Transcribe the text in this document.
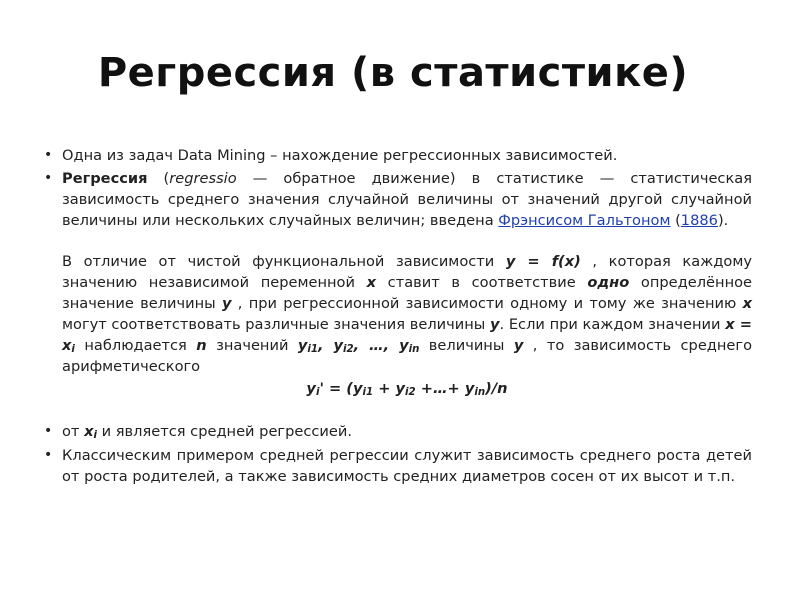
Регрессия (в статистике)
• Одна из задач Data Mining – нахождение регрессионных зависимостей.
• Регрессия (regressio — обратное движение) в статистике — статистическая зависимость среднего значения случайной величины от значений другой случайной величины или нескольких случайных величин; введена Фрэнсисом Гальтоном (1886).
В отличие от чистой функциональной зависимости y = f(x) , которая каждому значению независимой переменной x ставит в соответствие одно определённое значение величины y , при регрессионной зависимости одному и тому же значению x могут соответствовать различные значения величины y. Если при каждом значении $x = x_i$ наблюдается n значений $y_{i1}$, $y_{i2}$, …, $y_{in}$ величины y , то зависимость среднего арифметического
$y_i' = (y_{i1} + y_{i2}$ +…+ $y_{in})/n$
• от $x_i$ и является средней регрессией.
• Классическим примером средней регрессии служит зависимость среднего роста детей от роста родителей, а также зависимость средних диаметров сосен от их высот и т.п.
